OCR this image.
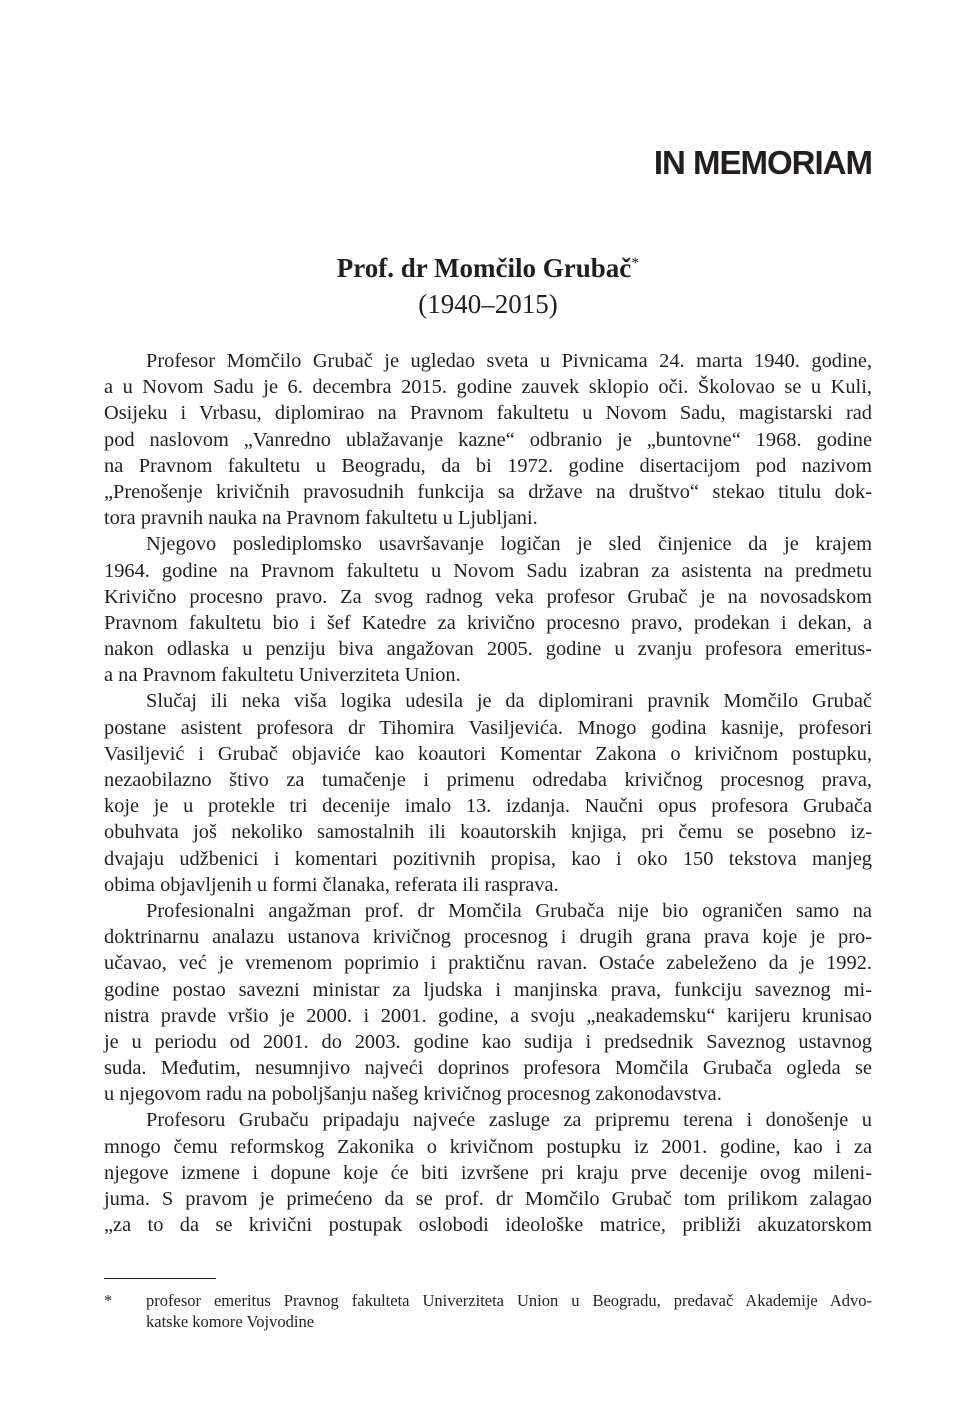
IN MEMORIAM
Prof. dr Momčilo Grubač*
(1940–2015)

Profesor Momčilo Grubač je ugledao sveta u Pivnicama 24. marta 1940. godine,
a u Novom Sadu je 6. decembra 2015. godine zauvek sklopio oči. Školovao se u Kuli,
Osijeku i Vrbasu, diplomirao na Pravnom fakultetu u Novom Sadu, magistarski rad
pod naslovom „Vanredno ublažavanje kazne“ odbranio je „buntovne“ 1968. godine
na Pravnom fakultetu u Beogradu, da bi 1972. godine disertacijom pod nazivom
„Prenošenje krivičnih pravosudnih funkcija sa države na društvo“ stekao titulu dok-
tora pravnih nauka na Pravnom fakultetu u Ljubljani.

Njegovo poslediplomsko usavršavanje logičan je sled činjenice da je krajem
1964. godine na Pravnom fakultetu u Novom Sadu izabran za asistenta na predmetu
Krivično procesno pravo. Za svog radnog veka profesor Grubač je na novosadskom
Pravnom fakultetu bio i šef Katedre za krivično procesno pravo, prodekan i dekan, a
nakon odlaska u penziju biva angažovan 2005. godine u zvanju profesora emeritus-
a na Pravnom fakultetu Univerziteta Union.

Slučaj ili neka viša logika udesila je da diplomirani pravnik Momčilo Grubač
postane asistent profesora dr Tihomira Vasiljevića. Mnogo godina kasnije, profesori
Vasiljević i Grubač objaviće kao koautori Komentar Zakona o krivičnom postupku,
nezaobilazno štivo za tumačenje i primenu odredaba krivičnog procesnog prava,
koje je u protekle tri decenije imalo 13. izdanja. Naučni opus profesora Grubača
obuhvata još nekoliko samostalnih ili koautorskih knjiga, pri čemu se posebno iz-
dvajaju udžbenici i komentari pozitivnih propisa, kao i oko 150 tekstova manjeg
obima objavljenih u formi članaka, referata ili rasprava.

Profesionalni angažman prof. dr Momčila Grubača nije bio ograničen samo na
doktrinarnu analazu ustanova krivičnog procesnog i drugih grana prava koje je pro-
učavao, već je vremenom poprimio i praktičnu ravan. Ostaće zabeleženo da je 1992.
godine postao savezni ministar za ljudska i manjinska prava, funkciju saveznog mi-
nistra pravde vršio je 2000. i 2001. godine, a svoju „neakademsku“ karijeru krunisao
je u periodu od 2001. do 2003. godine kao sudija i predsednik Saveznog ustavnog
suda. Međutim, nesumnjivo najveći doprinos profesora Momčila Grubača ogleda se
u njegovom radu na poboljšanju našeg krivičnog procesnog zakonodavstva.

Profesoru Grubaču pripadaju najveće zasluge za pripremu terena i donošenje u
mnogo čemu reformskog Zakonika o krivičnom postupku iz 2001. godine, kao i za
njegove izmene i dopune koje će biti izvršene pri kraju prve decenije ovog mileni-
juma. S pravom je primećeno da se prof. dr Momčilo Grubač tom prilikom zalagao
„za to da se krivični postupak oslobodi ideološke matrice, približi akuzatorskom

* profesor emeritus Pravnog fakulteta Univerziteta Union u Beogradu, predavač Akademije Advo-
katske komore Vojvodine
